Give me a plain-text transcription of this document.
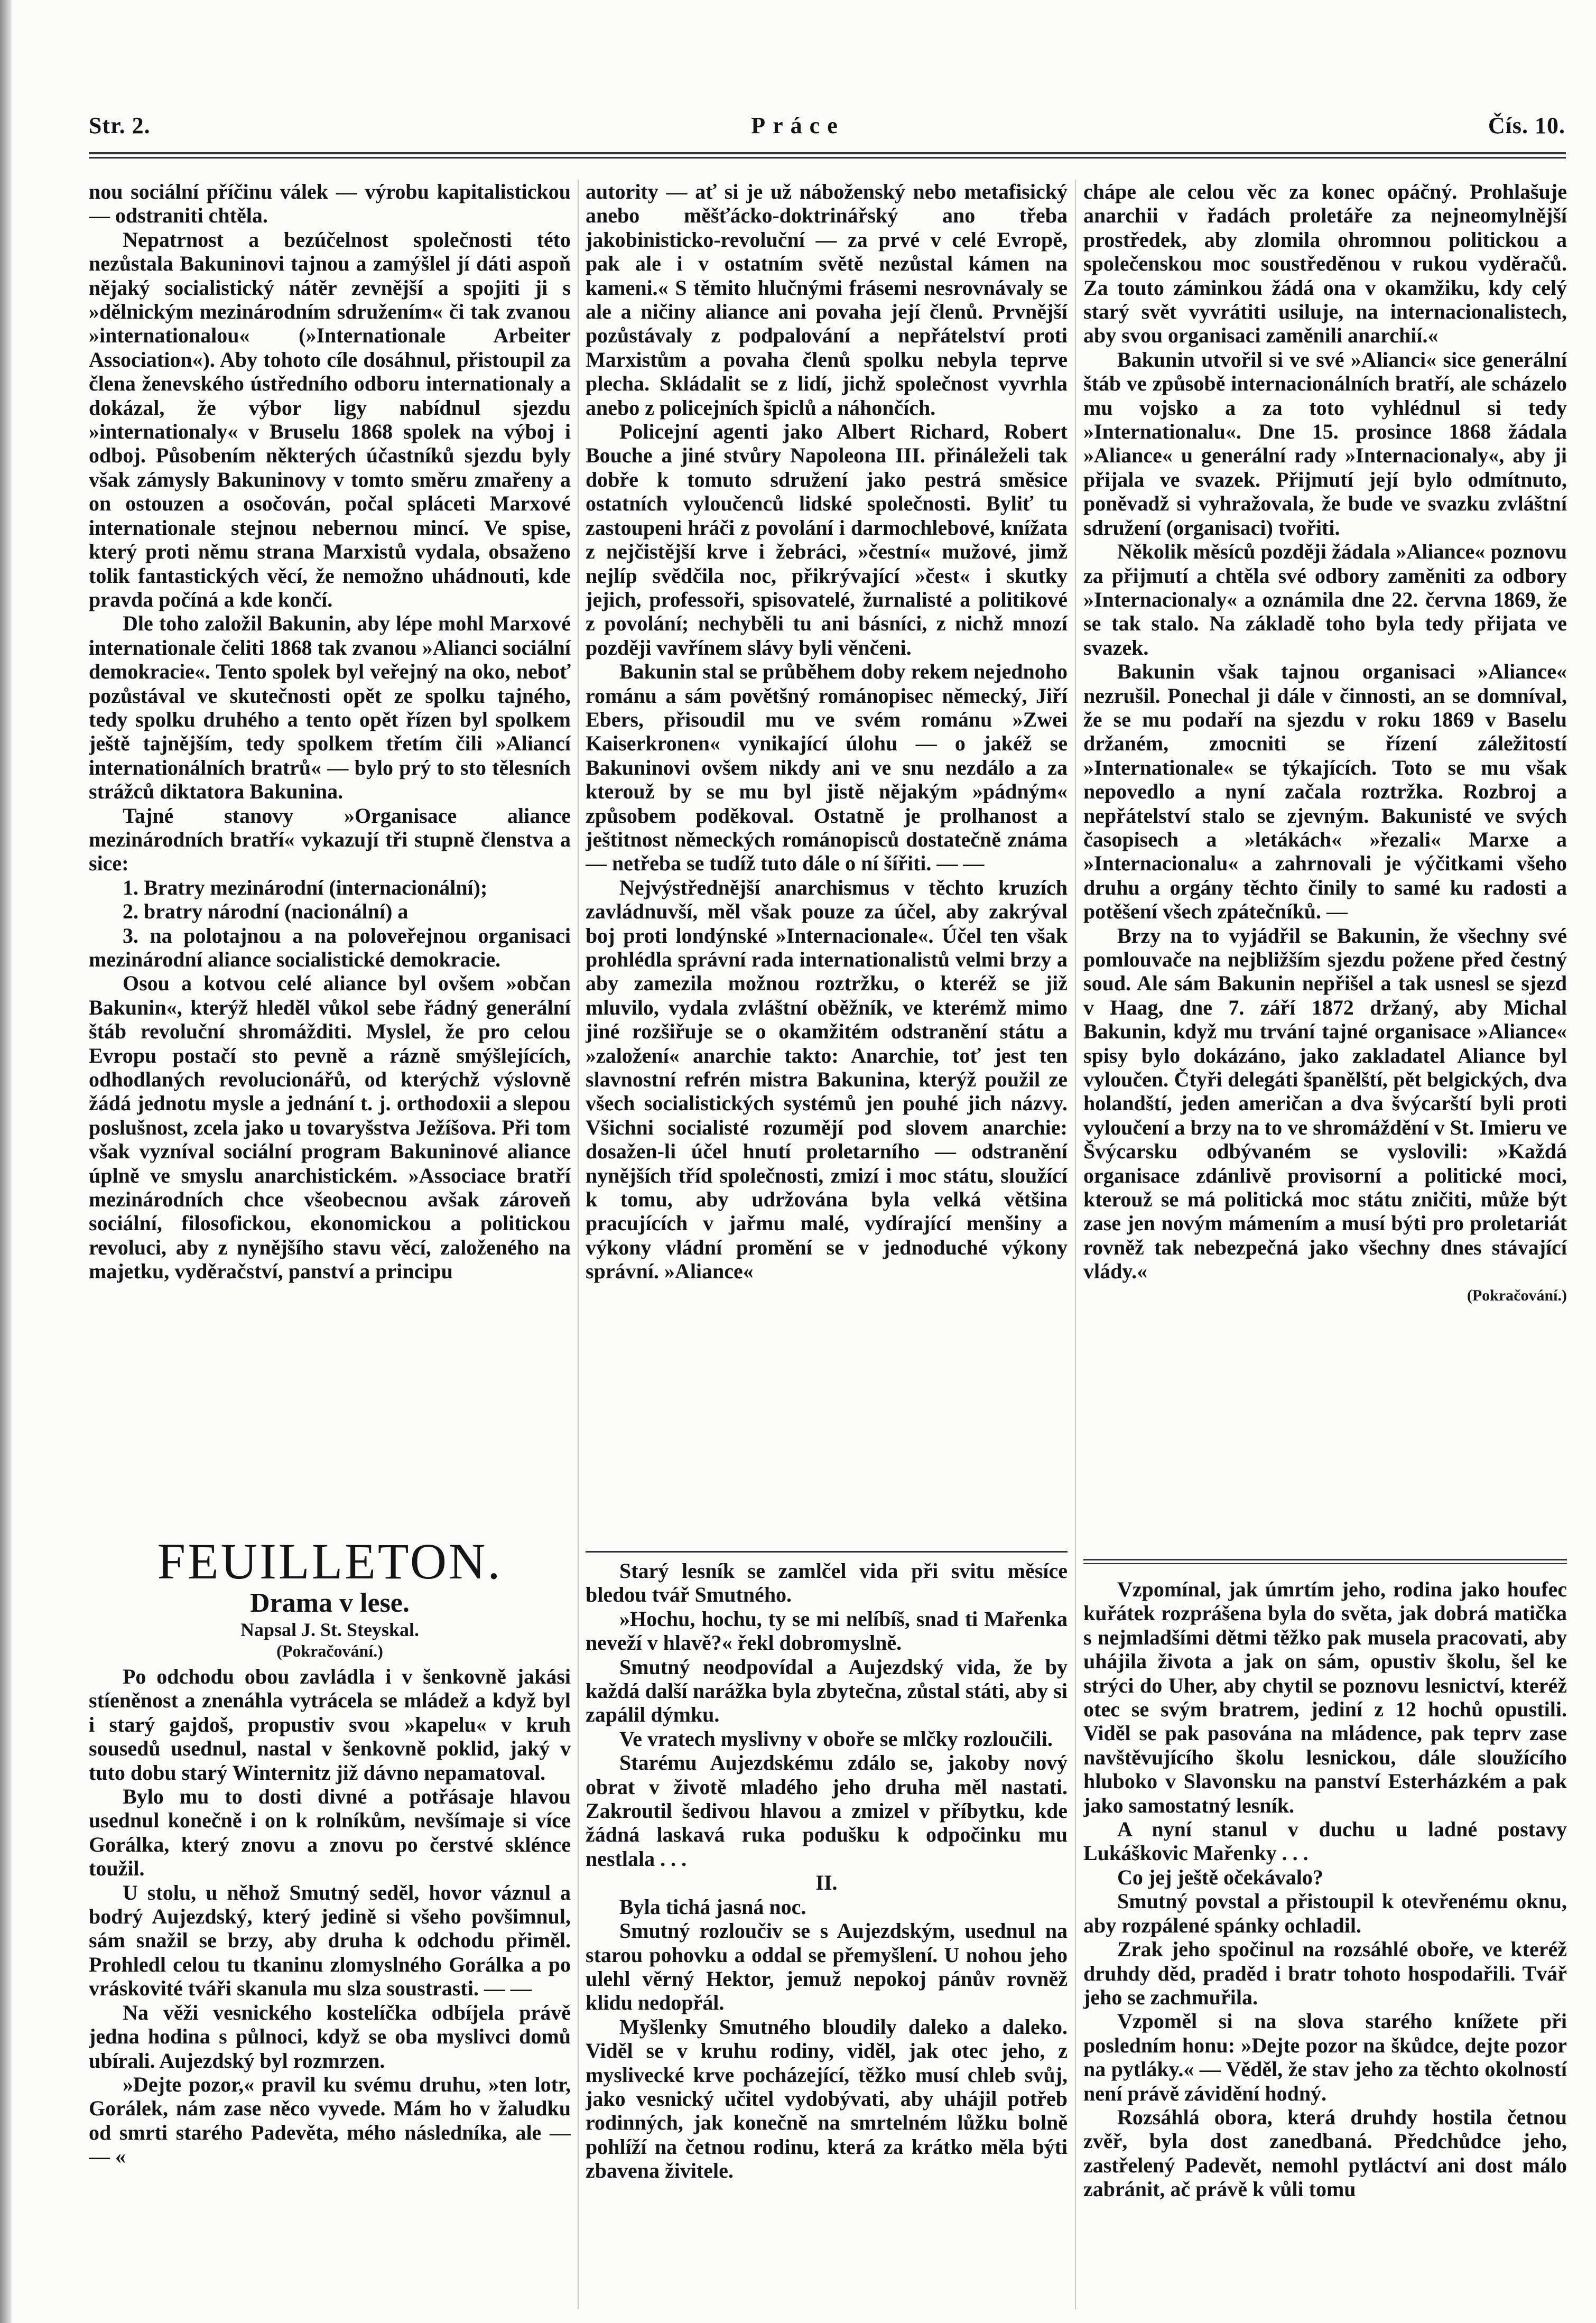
Str. 2.	Práce	Čís. 10.

nou sociální příčinu válek — výrobu kapitalistickou — odstraniti chtěla.

Nepatrnost a bezúčelnost společnosti této nezůstala Bakuninovi tajnou a zamýšlel jí dáti aspoň nějaký socialistický nátěr zevnější a spojiti ji s »dělnickým mezinárodním sdružením« či tak zvanou »internationalou« (»Internationale Arbeiter Association«). Aby tohoto cíle dosáhnul, přistoupil za člena ženevského ústředního odboru internationaly a dokázal, že výbor ligy nabídnul sjezdu »internationaly« v Bruselu 1868 spolek na výboj i odboj. Působením některých účastníků sjezdu byly však zámysly Bakuninovy v tomto směru zmařeny a on ostouzen a osočován, počal spláceti Marxové internationale stejnou nebernou mincí. Ve spise, který proti němu strana Marxistů vydala, obsaženo tolik fantastických věcí, že nemožno uhádnouti, kde pravda počíná a kde končí.

Dle toho založil Bakunin, aby lépe mohl Marxové internationale čeliti 1868 tak zvanou »Alianci sociální demokracie«. Tento spolek byl veřejný na oko, neboť pozůstával ve skutečnosti opět ze spolku tajného, tedy spolku druhého a tento opět řízen byl spolkem ještě tajnějším, tedy spolkem třetím čili »Aliancí internationálních bratrů« — bylo prý to sto tělesních strážců diktatora Bakunina.

Tajné stanovy »Organisace aliance mezinárodních bratří« vykazují tři stupně členstva a sice:

1. Bratry mezinárodní (internacionální);

2. bratry národní (nacionální) a

3. na polotajnou a na poloveřejnou organisaci mezinárodní aliance socialistické demokracie.

Osou a kotvou celé aliance byl ovšem »občan Bakunin«, kterýž hleděl vůkol sebe řádný generální štáb revoluční shromážditi. Myslel, že pro celou Evropu postačí sto pevně a rázně smýšlejících, odhodlaných revolucionářů, od kterýchž výslovně žádá jednotu mysle a jednání t. j. orthodoxii a slepou poslušnost, zcela jako u tovaryšstva Ježíšova. Při tom však vyzníval sociální program Bakuninové aliance úplně ve smyslu anarchistickém. »Associace bratří mezinárodních chce všeobecnou avšak zároveň sociální, filosofickou, ekonomickou a politickou revoluci, aby z nynějšího stavu věcí, založeného na majetku, vyděračství, panství a principu

autority — ať si je už náboženský nebo metafisický anebo měšťácko-doktrinářský ano třeba jakobinisticko-revoluční — za prvé v celé Evropě, pak ale i v ostatním světě nezůstal kámen na kameni.« S těmito hlučnými frásemi nesrovnávaly se ale a ničiny aliance ani povaha její členů. Prvnější pozůstávaly z podpalování a nepřátelství proti Marxistům a povaha členů spolku nebyla teprve plecha. Skládalit se z lidí, jichž společnost vyvrhla anebo z policejních špiclů a náhončích.

Policejní agenti jako Albert Richard, Robert Bouche a jiné stvůry Napoleona III. přináleželi tak dobře k tomuto sdružení jako pestrá směsice ostatních vyloučenců lidské společnosti. Byliť tu zastoupeni hráči z povolání i darmochlebové, knížata z nejčistější krve i žebráci, »čestní« mužové, jimž nejlíp svědčila noc, přikrývající »čest« i skutky jejich, professoři, spisovatelé, žurnalisté a politikové z povolání; nechyběli tu ani básníci, z nichž mnozí později vavřínem slávy byli věnčeni.

Bakunin stal se průběhem doby rekem nejednoho románu a sám povětšný románopisec německý, Jiří Ebers, přisoudil mu ve svém románu »Zwei Kaiserkronen« vynikající úlohu — o jakéž se Bakuninovi ovšem nikdy ani ve snu nezdálo a za kterouž by se mu byl jistě nějakým »pádným« způsobem poděkoval. Ostatně je prolhanost a ještitnost německých románopisců dostatečně známa — netřeba se tudíž tuto dále o ní šířiti. — —

Nejvýstřednější anarchismus v těchto kruzích zavládnuvší, měl však pouze za účel, aby zakrýval boj proti londýnské »Internacionale«. Účel ten však prohlédla správní rada internationalistů velmi brzy a aby zamezila možnou roztržku, o kteréž se již mluvilo, vydala zvláštní oběžník, ve kterémž mimo jiné rozšiřuje se o okamžitém odstranění státu a »založení« anarchie takto: Anarchie, toť jest ten slavnostní refrén mistra Bakunina, kterýž použil ze všech socialistických systémů jen pouhé jich názvy. Všichni socialisté rozumějí pod slovem anarchie: dosažen-li účel hnutí proletarního — odstranění nynějších tříd společnosti, zmizí i moc státu, sloužící k tomu, aby udržována byla velká většina pracujících v jařmu malé, vydírající menšiny a výkony vládní promění se v jednoduché výkony správní. »Aliance«

chápe ale celou věc za konec opáčný. Prohlašuje anarchii v řadách proletáře za nejneomylnější prostředek, aby zlomila ohromnou politickou a společenskou moc soustředěnou v rukou vyděračů. Za touto záminkou žádá ona v okamžiku, kdy celý starý svět vyvrátiti usiluje, na internacionalistech, aby svou organisaci zaměnili anarchií.«

Bakunin utvořil si ve své »Alianci« sice generální štáb ve způsobě internacionálních bratří, ale scházelo mu vojsko a za toto vyhlédnul si tedy »Internationalu«. Dne 15. prosince 1868 žádala »Aliance« u generální rady »Internacionaly«, aby ji přijala ve svazek. Přijmutí její bylo odmítnuto, poněvadž si vyhražovala, že bude ve svazku zvláštní sdružení (organisaci) tvořiti.

Několik měsíců později žádala »Aliance« poznovu za přijmutí a chtěla své odbory zaměniti za odbory »Internacionaly« a oznámila dne 22. června 1869, že se tak stalo. Na základě toho byla tedy přijata ve svazek.

Bakunin však tajnou organisaci »Aliance« nezrušil. Ponechal ji dále v činnosti, an se domníval, že se mu podaří na sjezdu v roku 1869 v Baselu držaném, zmocniti se řízení záležitostí »Internationale« se týkajících. Toto se mu však nepovedlo a nyní začala roztržka. Rozbroj a nepřátelství stalo se zjevným. Bakunisté ve svých časopisech a »letákách« »řezali« Marxe a »Internacionalu« a zahrnovali je výčitkami všeho druhu a orgány těchto činily to samé ku radosti a potěšení všech zpátečníků. —

Brzy na to vyjádřil se Bakunin, že všechny své pomlouvače na nejbližším sjezdu požene před čestný soud. Ale sám Bakunin nepřišel a tak usnesl se sjezd v Haag, dne 7. září 1872 držaný, aby Michal Bakunin, když mu trvání tajné organisace »Aliance« spisy bylo dokázáno, jako zakladatel Aliance byl vyloučen. Čtyři delegáti španělští, pět belgických, dva holandští, jeden američan a dva švýcarští byli proti vyloučení a brzy na to ve shromáždění v St. Imieru ve Švýcarsku odbývaném se vyslovili: »Každá organisace zdánlivě provisorní a politické moci, kterouž se má politická moc státu zničiti, může být zase jen novým mámením a musí býti pro proletariát rovněž tak nebezpečná jako všechny dnes stávající vlády.«

(Pokračování.)

FEUILLETON.
Drama v lese.
Napsal J. St. Steyskal.
(Pokračování.)

Po odchodu obou zavládla i v šenkovně jakási stíeněnost a znenáhla vytrácela se mládež a když byl i starý gajdoš, propustiv svou »kapelu« v kruh sousedů usednul, nastal v šenkovně poklid, jaký v tuto dobu starý Winternitz již dávno nepamatoval.

Bylo mu to dosti divné a potřásaje hlavou usednul konečně i on k rolníkům, nevšímaje si více Gorálka, který znovu a znovu po čerstvé sklénce toužil.

U stolu, u něhož Smutný seděl, hovor váznul a bodrý Aujezdský, který jedině si všeho povšimnul, sám snažil se brzy, aby druha k odchodu přiměl. Prohledl celou tu tkaninu zlomyslného Gorálka a po vráskovité tváři skanula mu slza soustrasti. — —

Na věži vesnického kostelíčka odbíjela právě jedna hodina s půlnoci, když se oba myslivci domů ubírali. Aujezdský byl rozmrzen.

»Dejte pozor,« pravil ku svému druhu, »ten lotr, Gorálek, nám zase něco vyvede. Mám ho v žaludku od smrti starého Padevěta, mého následníka, ale — — «

Starý lesník se zamlčel vida při svitu měsíce bledou tvář Smutného.

»Hochu, hochu, ty se mi nelíbíš, snad ti Mařenka neveží v hlavě?« řekl dobromyslně.

Smutný neodpovídal a Aujezdský vida, že by každá další narážka byla zbytečna, zůstal státi, aby si zapálil dýmku.

Ve vratech myslivny v oboře se mlčky rozloučili.

Starému Aujezdskému zdálo se, jakoby nový obrat v životě mladého jeho druha měl nastati. Zakroutil šedivou hlavou a zmizel v příbytku, kde žádná laskavá ruka podušku k odpočinku mu nestlala . . .

II.

Byla tichá jasná noc.

Smutný rozloučiv se s Aujezdským, usednul na starou pohovku a oddal se přemyšlení. U nohou jeho ulehl věrný Hektor, jemuž nepokoj pánův rovněž klidu nedopřál.

Myšlenky Smutného bloudily daleko a daleko. Viděl se v kruhu rodiny, viděl, jak otec jeho, z myslivecké krve pocházející, těžko musí chleb svůj, jako vesnický učitel vydobývati, aby uhájil potřeb rodinných, jak konečně na smrtelném lůžku bolně pohlíží na četnou rodinu, která za krátko měla býti zbavena živitele.

Vzpomínal, jak úmrtím jeho, rodina jako houfec kuřátek rozprášena byla do světa, jak dobrá matička s nejmladšími dětmi těžko pak musela pracovati, aby uhájila života a jak on sám, opustiv školu, šel ke strýci do Uher, aby chytil se poznovu lesnictví, kteréž otec se svým bratrem, jediní z 12 hochů opustili. Viděl se pak pasována na mládence, pak teprv zase navštěvujícího školu lesnickou, dále sloužícího hluboko v Slavonsku na panství Esterházkém a pak jako samostatný lesník.

A nyní stanul v duchu u ladné postavy Lukáškovic Mařenky . . .

Co jej ještě očekávalo?

Smutný povstal a přistoupil k otevřenému oknu, aby rozpálené spánky ochladil.

Zrak jeho spočinul na rozsáhlé oboře, ve kteréž druhdy děd, praděd i bratr tohoto hospodařili. Tvář jeho se zachmuřila.

Vzpoměl si na slova starého knížete při posledním honu: »Dejte pozor na škůdce, dejte pozor na pytláky.« — Věděl, že stav jeho za těchto okolností není právě závidění hodný.

Rozsáhlá obora, která druhdy hostila četnou zvěř, byla dost zanedbaná. Předchůdce jeho, zastřelený Padevět, nemohl pytláctví ani dost málo zabránit, ač právě k vůli tomu
